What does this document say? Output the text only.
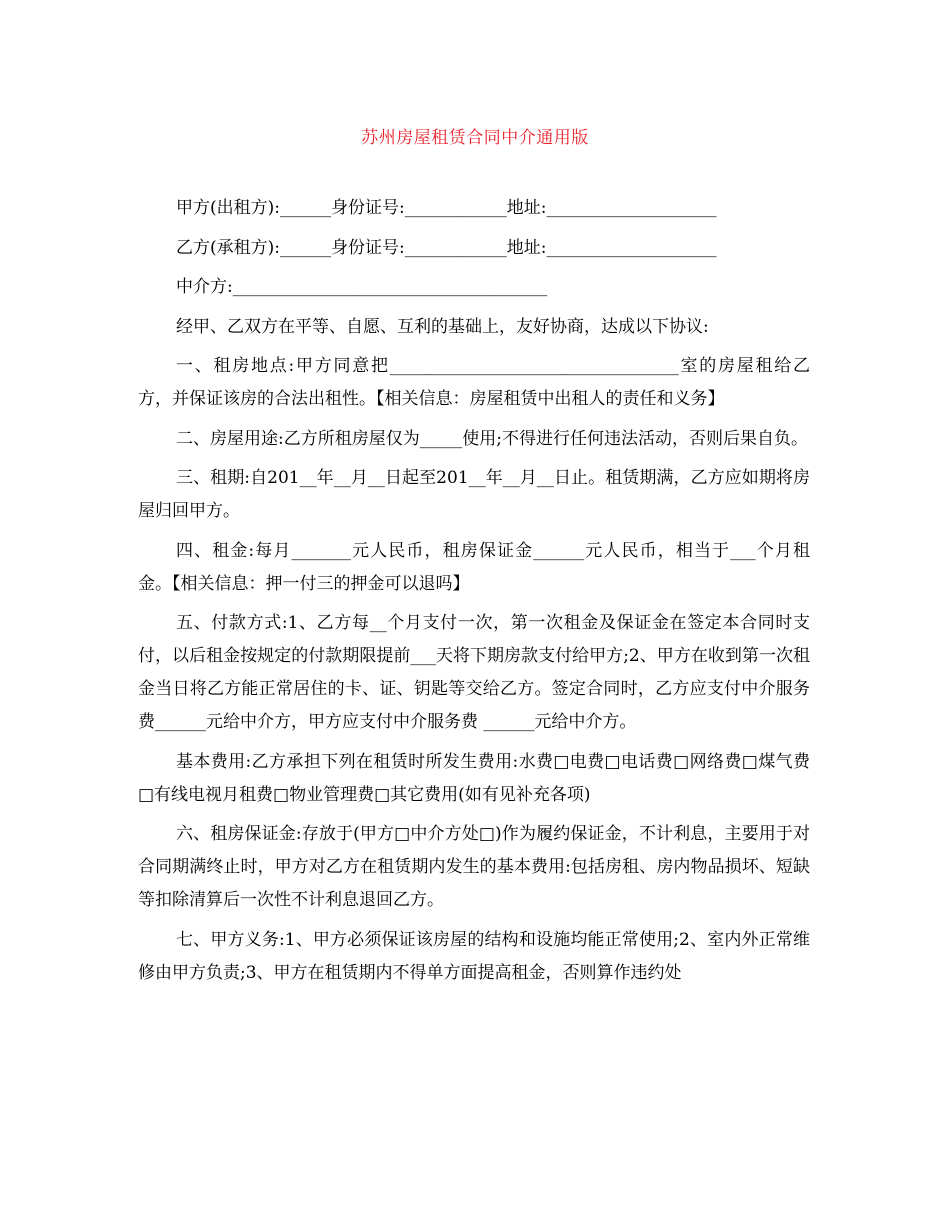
苏州房屋租赁合同中介通用版
甲方(出租方):______身份证号:____________地址:____________________
乙方(承租方):______身份证号:____________地址:____________________
中介方:_____________________________________

经甲、乙双方在平等、自愿、互利的基础上，友好协商，达成以下协议:

一、租房地点:甲方同意把__________________________________室的房屋租给乙方，并保证该房的合法出租性。【相关信息：房屋租赁中出租人的责任和义务】

二、房屋用途:乙方所租房屋仅为_____使用;不得进行任何违法活动，否则后果自负。

三、租期:自201__年__月__日起至201__年__月__日止。租赁期满，乙方应如期将房屋归回甲方。

四、租金:每月_______元人民币，租房保证金______元人民币，相当于___个月租金。【相关信息：押一付三的押金可以退吗】

五、付款方式:1、乙方每__个月支付一次，第一次租金及保证金在签定本合同时支付，以后租金按规定的付款期限提前___天将下期房款支付给甲方;2、甲方在收到第一次租金当日将乙方能正常居住的卡、证、钥匙等交给乙方。签定合同时，乙方应支付中介服务费______元给中介方，甲方应支付中介服务费 ______元给中介方。

基本费用:乙方承担下列在租赁时所发生费用:水费□电费□电话费□网络费□煤气费□有线电视月租费□物业管理费□其它费用(如有见补充各项)

六、租房保证金:存放于(甲方□中介方处□)作为履约保证金，不计利息，主要用于对合同期满终止时，甲方对乙方在租赁期内发生的基本费用:包括房租、房内物品损坏、短缺等扣除清算后一次性不计利息退回乙方。

七、甲方义务:1、甲方必须保证该房屋的结构和设施均能正常使用;2、室内外正常维修由甲方负责;3、甲方在租赁期内不得单方面提高租金，否则算作违约处
